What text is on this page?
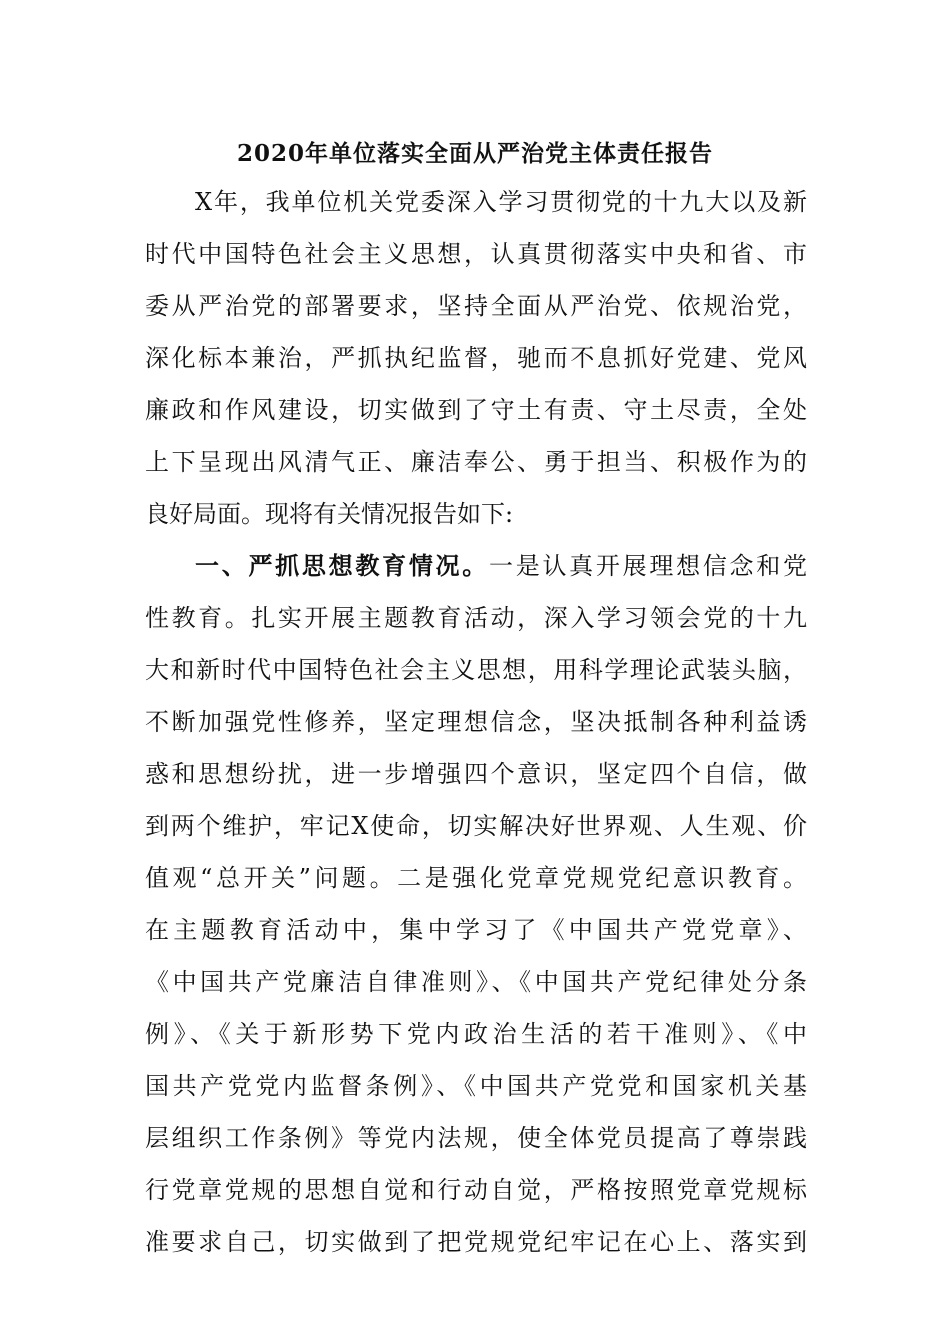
2020年单位落实全面从严治党主体责任报告
X年，我单位机关党委深入学习贯彻党的十九大以及新
时代中国特色社会主义思想，认真贯彻落实中央和省、市
委从严治党的部署要求，坚持全面从严治党、依规治党，
深化标本兼治，严抓执纪监督，驰而不息抓好党建、党风
廉政和作风建设，切实做到了守土有责、守土尽责，全处
上下呈现出风清气正、廉洁奉公、勇于担当、积极作为的
良好局面。现将有关情况报告如下:
一、严抓思想教育情况。一是认真开展理想信念和党
性教育。扎实开展主题教育活动，深入学习领会党的十九
大和新时代中国特色社会主义思想，用科学理论武装头脑，
不断加强党性修养，坚定理想信念，坚决抵制各种利益诱
惑和思想纷扰，进一步增强四个意识，坚定四个自信，做
到两个维护，牢记X使命，切实解决好世界观、人生观、价
值观“总开关”问题。二是强化党章党规党纪意识教育。
在主题教育活动中，集中学习了《中国共产党党章》、
《中国共产党廉洁自律准则》、《中国共产党纪律处分条
例》、《关于新形势下党内政治生活的若干准则》、《中
国共产党党内监督条例》、《中国共产党党和国家机关基
层组织工作条例》等党内法规，使全体党员提高了尊崇践
行党章党规的思想自觉和行动自觉，严格按照党章党规标
准要求自己，切实做到了把党规党纪牢记在心上、落实到
